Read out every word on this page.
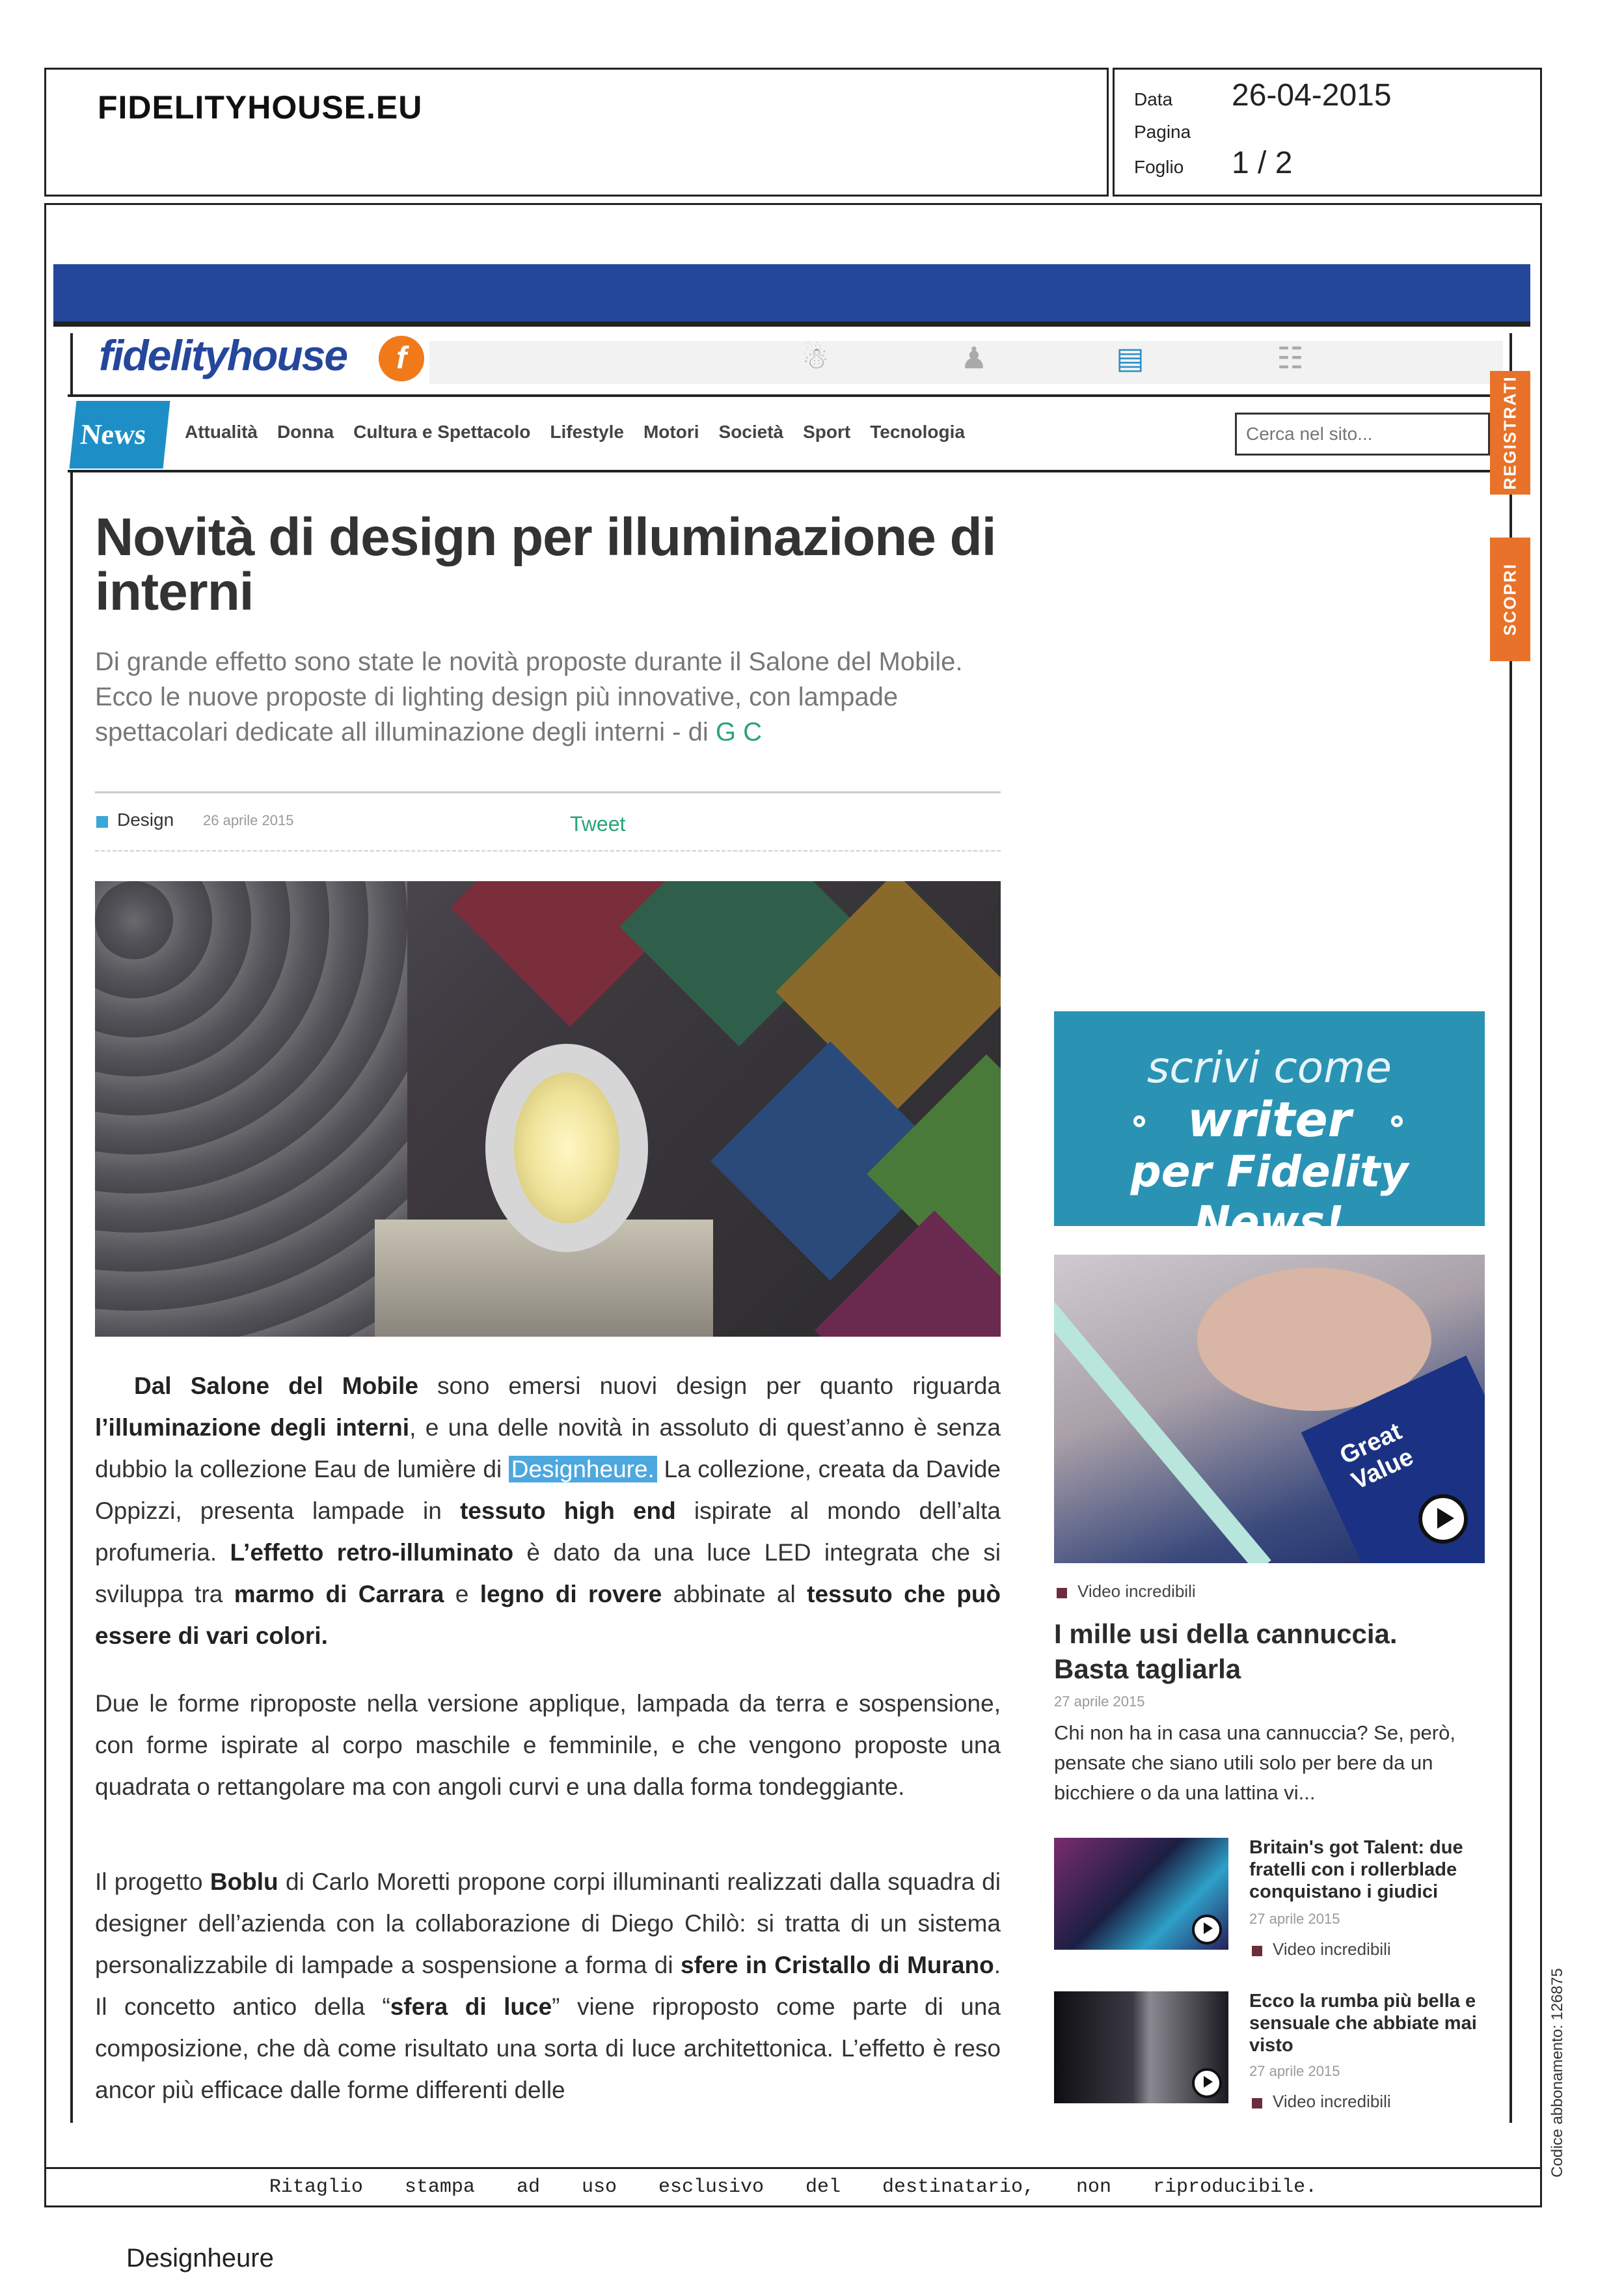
FIDELITYHOUSE.EU	Data	26-04-2015
Pagina
Foglio	1 / 2
fidelityhouse	f	☃	♟	▤	☷
News	Attualità Donna Cultura e Spettacolo Lifestyle Motori Società Sport Tecnologia
Cerca nel sito...	REGISTRATI
SCOPRI
Novità di design per illuminazione di interni

Di grande effetto sono state le novità proposte durante il Salone del Mobile. Ecco le nuove proposte di lighting design più innovative, con lampade spettacolari dedicate all illuminazione degli interni - di G C

Design 26 aprile 2015	Tweet

Dal Salone del Mobile sono emersi nuovi design per quanto riguarda l’illuminazione degli interni, e una delle novità in assoluto di quest’anno è senza dubbio la collezione Eau de lumière di Designheure. La collezione, creata da Davide Oppizzi, presenta lampade in tessuto high end ispirate al mondo dell’alta profumeria. L’effetto retro-illuminato è dato da una luce LED integrata che si sviluppa tra marmo di Carrara e legno di rovere abbinate al tessuto che può essere di vari colori.

Due le forme riproposte nella versione applique, lampada da terra e sospensione, con forme ispirate al corpo maschile e femminile, e che vengono proposte una quadrata o rettangolare ma con angoli curvi e una dalla forma tondeggiante.

Il progetto Boblu di Carlo Moretti propone corpi illuminanti realizzati dalla squadra di designer dell’azienda con la collaborazione di Diego Chilò: si tratta di un sistema personalizzabile di lampade a sospensione a forma di sfere in Cristallo di Murano. Il concetto antico della “sfera di luce” viene riproposto come parte di una composizione, che dà come risultato una sorta di luce architettonica. L’effetto è reso ancor più efficace dalle forme differenti delle

scrivi come
writer
per Fidelity News!
Great Value
Video incredibili
I mille usi della cannuccia. Basta tagliarla
27 aprile 2015

Chi non ha in casa una cannuccia? Se, però, pensate che siano utili solo per bere da un bicchiere o da una lattina vi...

Britain's got Talent: due fratelli con i rollerblade conquistano i giudici
27 aprile 2015
Video incredibili
Ecco la rumba più bella e sensuale che abbiate mai visto
27 aprile 2015
Video incredibili
Ritaglio stampa ad uso esclusivo del destinatario, non riproducibile.
Codice abbonamento: 126875
Designheure
